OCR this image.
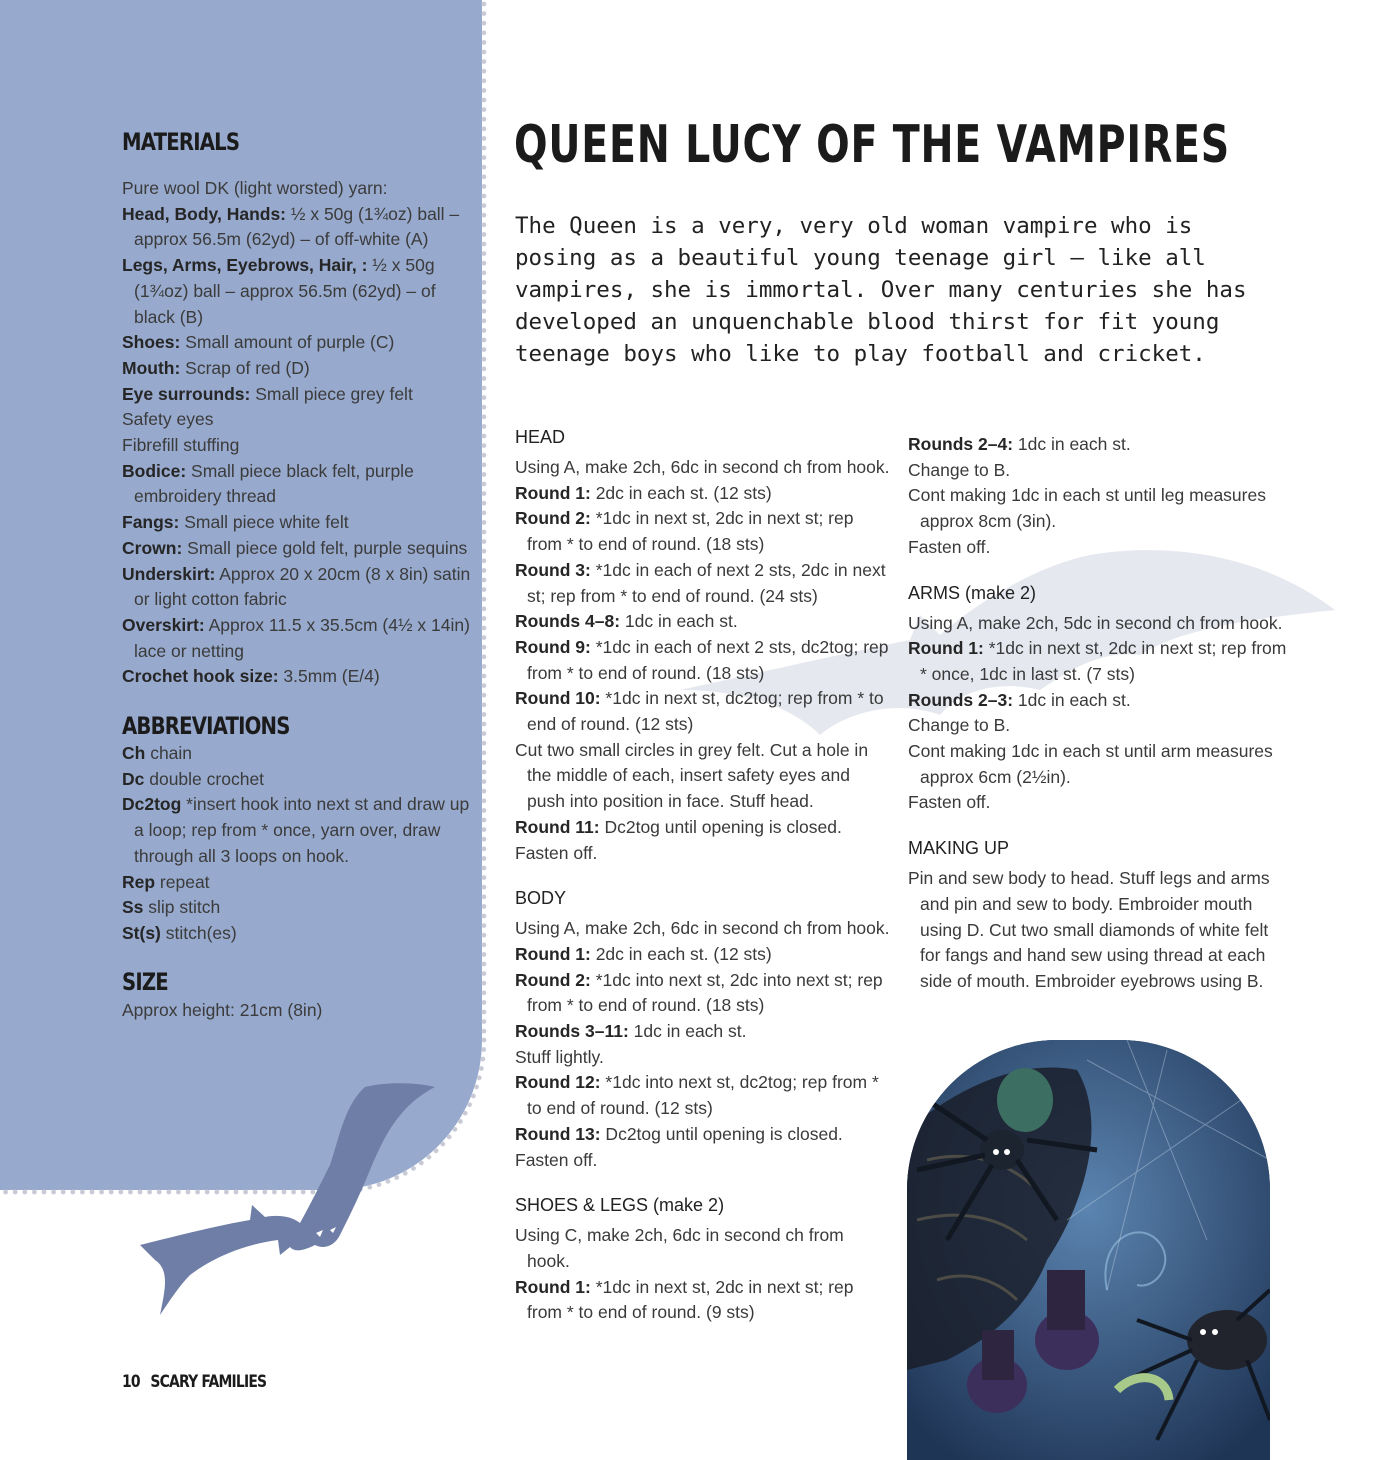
MATERIALS

Pure wool DK (light worsted) yarn:

Head, Body, Hands: ½ x 50g (1¾oz) ball – approx 56.5m (62yd) – of off-white (A)

Legs, Arms, Eyebrows, Hair, : ½ x 50g (1¾oz) ball – approx 56.5m (62yd) – of black (B)

Shoes: Small amount of purple (C)

Mouth: Scrap of red (D)

Eye surrounds: Small piece grey felt

Safety eyes

Fibrefill stuffing

Bodice: Small piece black felt, purple embroidery thread

Fangs: Small piece white felt

Crown: Small piece gold felt, purple sequins

Underskirt: Approx 20 x 20cm (8 x 8in) satin or light cotton fabric

Overskirt: Approx 11.5 x 35.5cm (4½ x 14in) lace or netting

Crochet hook size: 3.5mm (E/4)

ABBREVIATIONS

Ch chain

Dc double crochet

Dc2tog *insert hook into next st and draw up a loop; rep from * once, yarn over, draw through all 3 loops on hook.

Rep repeat

Ss slip stitch

St(s) stitch(es)

SIZE

Approx height: 21cm (8in)

QUEEN LUCY OF THE VAMPIRES
The Queen is a very, very old woman vampire who is posing as a beautiful young teenage girl – like all vampires, she is immortal. Over many centuries she has developed an unquenchable blood thirst for fit young teenage boys who like to play football and cricket.
HEAD

Using A, make 2ch, 6dc in second ch from hook.

Round 1: 2dc in each st. (12 sts)

Round 2: *1dc in next st, 2dc in next st; rep from * to end of round. (18 sts)

Round 3: *1dc in each of next 2 sts, 2dc in next st; rep from * to end of round. (24 sts)

Rounds 4–8: 1dc in each st.

Round 9: *1dc in each of next 2 sts, dc2tog; rep from * to end of round. (18 sts)

Round 10: *1dc in next st, dc2tog; rep from * to end of round. (12 sts)

Cut two small circles in grey felt. Cut a hole in the middle of each, insert safety eyes and push into position in face. Stuff head.

Round 11: Dc2tog until opening is closed.

Fasten off.

BODY

Using A, make 2ch, 6dc in second ch from hook.

Round 1: 2dc in each st. (12 sts)

Round 2: *1dc into next st, 2dc into next st; rep from * to end of round. (18 sts)

Rounds 3–11: 1dc in each st.

Stuff lightly.

Round 12: *1dc into next st, dc2tog; rep from * to end of round. (12 sts)

Round 13: Dc2tog until opening is closed.

Fasten off.

SHOES & LEGS (make 2)

Using C, make 2ch, 6dc in second ch from hook.

Round 1: *1dc in next st, 2dc in next st; rep from * to end of round. (9 sts)

Rounds 2–4: 1dc in each st.

Change to B.

Cont making 1dc in each st until leg measures approx 8cm (3in).

Fasten off.

ARMS (make 2)

Using A, make 2ch, 5dc in second ch from hook.

Round 1: *1dc in next st, 2dc in next st; rep from * once, 1dc in last st. (7 sts)

Rounds 2–3: 1dc in each st.

Change to B.

Cont making 1dc in each st until arm measures approx 6cm (2½in).

Fasten off.

MAKING UP

Pin and sew body to head. Stuff legs and arms and pin and sew to body. Embroider mouth using D. Cut two small diamonds of white felt for fangs and hand sew using thread at each side of mouth. Embroider eyebrows using B.

10 SCARY FAMILIES
